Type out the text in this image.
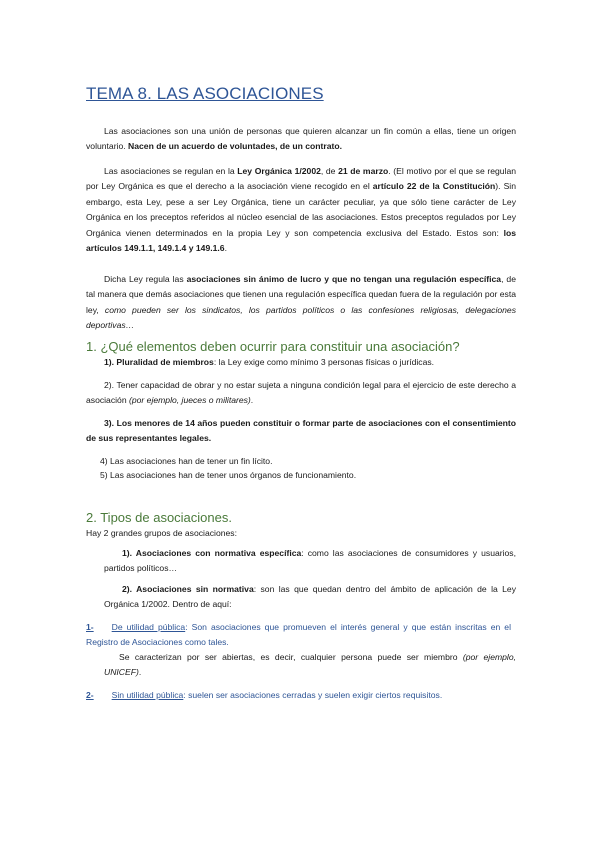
TEMA 8. LAS ASOCIACIONES
Las asociaciones son una unión de personas que quieren alcanzar un fin común a ellas, tiene un origen voluntario. Nacen de un acuerdo de voluntades, de un contrato.
Las asociaciones se regulan en la Ley Orgánica 1/2002, de 21 de marzo. (El motivo por el que se regulan por Ley Orgánica es que el derecho a la asociación viene recogido en el artículo 22 de la Constitución). Sin embargo, esta Ley, pese a ser Ley Orgánica, tiene un carácter peculiar, ya que sólo tiene carácter de Ley Orgánica en los preceptos referidos al núcleo esencial de las asociaciones. Estos preceptos regulados por Ley Orgánica vienen determinados en la propia Ley y son competencia exclusiva del Estado. Estos son: los artículos 149.1.1, 149.1.4 y 149.1.6.
Dicha Ley regula las asociaciones sin ánimo de lucro y que no tengan una regulación específica, de tal manera que demás asociaciones que tienen una regulación específica quedan fuera de la regulación por esta ley, como pueden ser los sindicatos, los partidos políticos o las confesiones religiosas, delegaciones deportivas…
1. ¿Qué elementos deben ocurrir para constituir una asociación?
1). Pluralidad de miembros: la Ley exige como mínimo 3 personas físicas o jurídicas.
2). Tener capacidad de obrar y no estar sujeta a ninguna condición legal para el ejercicio de este derecho a asociación (por ejemplo, jueces o militares).
3). Los menores de 14 años pueden constituir o formar parte de asociaciones con el consentimiento de sus representantes legales.
4) Las asociaciones han de tener un fin lícito.
5) Las asociaciones han de tener unos órganos de funcionamiento.
2. Tipos de asociaciones.
Hay 2 grandes grupos de asociaciones:
1). Asociaciones con normativa específica: como las asociaciones de consumidores y usuarios, partidos políticos…
2). Asociaciones sin normativa: son las que quedan dentro del ámbito de aplicación de la Ley Orgánica 1/2002. Dentro de aquí:
1- De utilidad pública: Son asociaciones que promueven el interés general y que están inscritas en el Registro de Asociaciones como tales.
Se caracterizan por ser abiertas, es decir, cualquier persona puede ser miembro (por ejemplo, UNICEF).
2- Sin utilidad pública: suelen ser asociaciones cerradas y suelen exigir ciertos requisitos.
